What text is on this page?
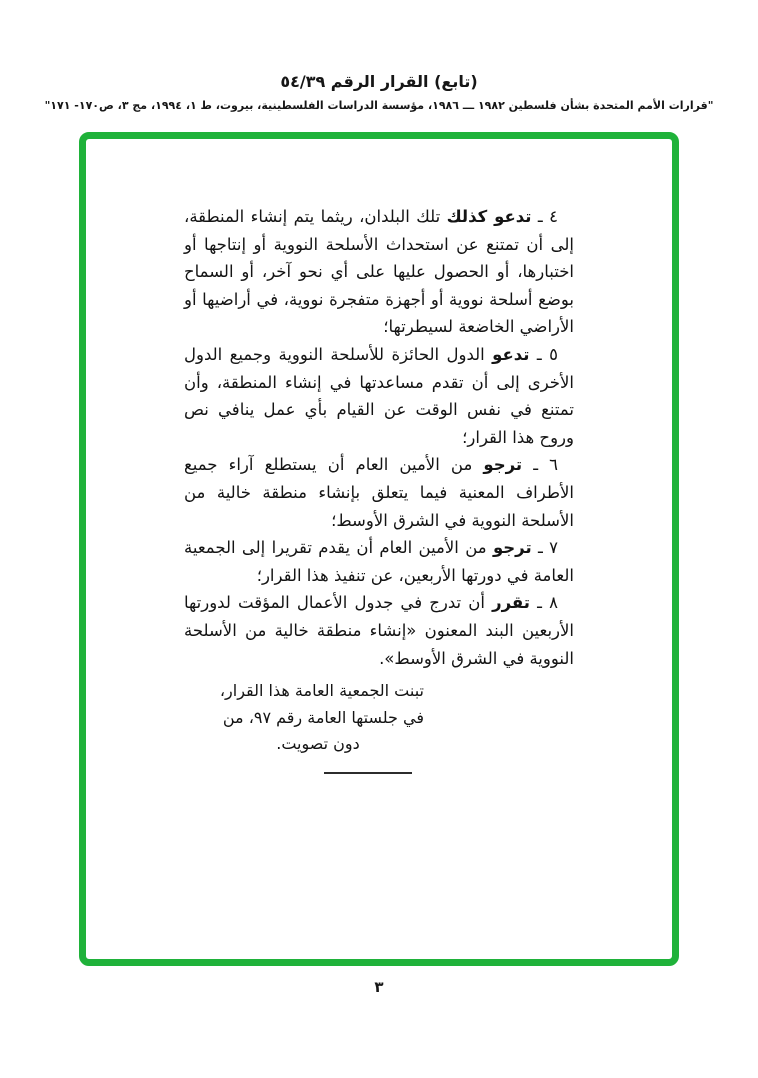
(تابع) القرار الرقم ٥٤/٣٩
"قرارات الأمم المتحدة بشأن فلسطين ١٩٨٢ ـــ ١٩٨٦، مؤسسة الدراسات الفلسطينية، بيروت، ط ١، ١٩٩٤، مج ٣، ص١٧٠- ١٧١"

٤ ـ تدعو كذلك تلك البلدان، ريثما يتم إنشاء المنطقة، إلى أن تمتنع عن استحداث الأسلحة النووية أو إنتاجها أو اختبارها، أو الحصول عليها على أي نحو آخر، أو السماح بوضع أسلحة نووية أو أجهزة متفجرة نووية، في أراضيها أو الأراضي الخاضعة لسيطرتها؛

٥ ـ تدعو الدول الحائزة للأسلحة النووية وجميع الدول الأخرى إلى أن تقدم مساعدتها في إنشاء المنطقة، وأن تمتنع في نفس الوقت عن القيام بأي عمل ينافي نص وروح هذا القرار؛

٦ ـ ترجو من الأمين العام أن يستطلع آراء جميع الأطراف المعنية فيما يتعلق بإنشاء منطقة خالية من الأسلحة النووية في الشرق الأوسط؛

٧ ـ ترجو من الأمين العام أن يقدم تقريرا إلى الجمعية العامة في دورتها الأربعين، عن تنفيذ هذا القرار؛

٨ ـ تقرر أن تدرج في جدول الأعمال المؤقت لدورتها الأربعين البند المعنون «إنشاء منطقة خالية من الأسلحة النووية في الشرق الأوسط».

تبنت الجمعية العامة هذا القرار،
في جلستها العامة رقم ٩٧، من
دون تصويت.
٣
